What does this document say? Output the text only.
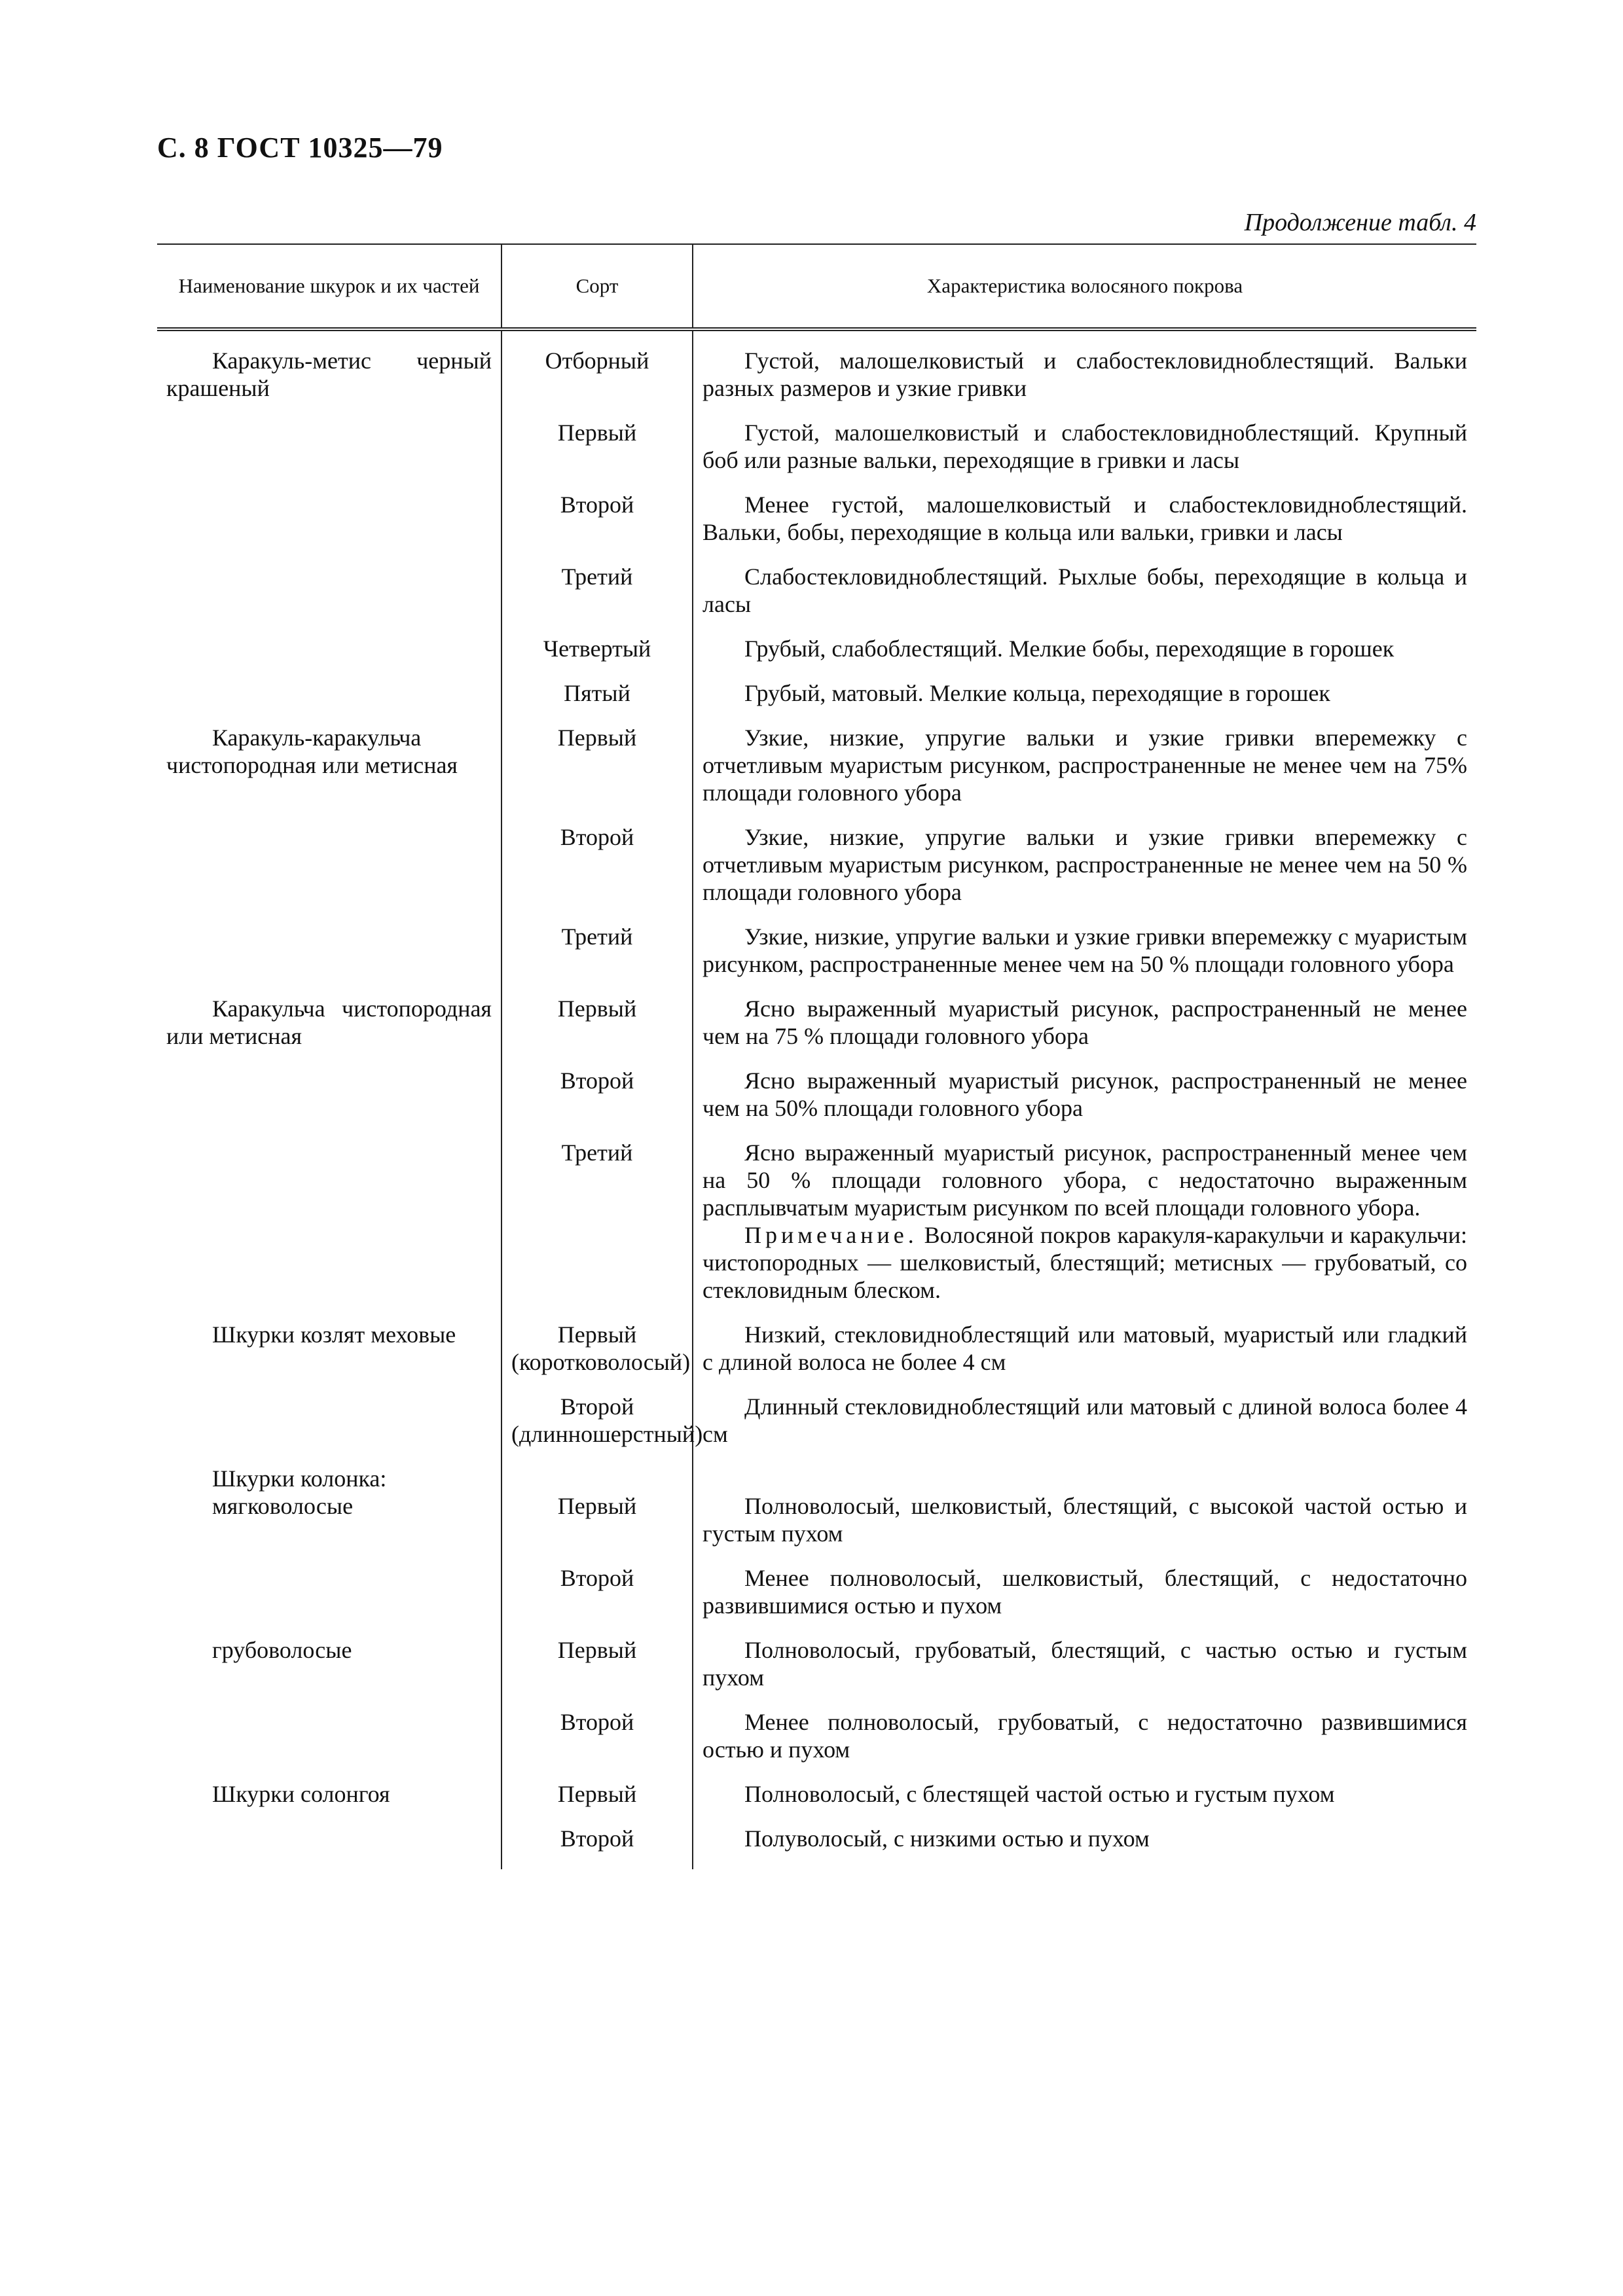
С. 8 ГОСТ 10325—79
Продолжение табл. 4
Наименование шкурок и их частей	Сорт	Характеристика волосяного покрова
Каракуль-метис черный крашеный	Отборный	Густой, малошелковистый и слабостекловиднoблестящий. Вальки разных размеров и узкие гривки
	Первый	Густой, малошелковистый и слабостекловидноблестящий. Крупный боб или разные вальки, переходящие в гривки и ласы
	Второй	Менее густой, малошелковистый и слабостекловидноблестящий. Вальки, бобы, переходящие в кольца или вальки, гривки и ласы
	Третий	Слабостекловидноблестящий. Рыхлые бобы, переходящие в кольца и ласы
	Четвертый	Грубый, слабоблестящий. Мелкие бобы, переходящие в горошек
	Пятый	Грубый, матовый. Мелкие кольца, переходящие в горошек
Каракуль-каракульча чистопородная или метисная	Первый	Узкие, низкие, упругие вальки и узкие гривки вперемежку с отчетливым муаристым рисунком, распространенные не менее чем на 75% площади головного убора
	Второй	Узкие, низкие, упругие вальки и узкие гривки вперемежку с отчетливым муаристым рисунком, распространенные не менее чем на 50 % площади головного убора
	Третий	Узкие, низкие, упругие вальки и узкие гривки вперемежку с муаристым рисунком, распространенные менее чем на 50 % площади головного убора
Каракульча чистопородная или метисная	Первый	Ясно выраженный муаристый рисунок, распространенный не менее чем на 75 % площади головного убора
	Второй	Ясно выраженный муаристый рисунок, распространенный не менее чем на 50% площади головного убора
	Третий	Ясно выраженный муаристый рисунок, распространенный менее чем на 50 % площади головного убора, с недостаточно выраженным расплывчатым муаристым рисунком по всей площади головного убора.
Примечание. Волосяной покров каракуля-каракульчи и каракульчи: чистопородных — шелковистый, блестящий; метисных — грубоватый, со стекловидным блеском.

Шкурки козлят меховые	Первый (коротковолосый)	Низкий, стекловидноблестящий или матовый, муаристый или гладкий с длиной волоса не более 4 см
	Второй (длинношерстный)	Длинный стекловидноблестящий или матовый с длиной волоса более 4 см
Шкурки колонка:		
мягковолосые	Первый	Полноволосый, шелковистый, блестящий, с высокой частой остью и густым пухом
	Второй	Менее полноволосый, шелковистый, блестящий, с недостаточно развившимися остью и пухом
грубоволосые	Первый	Полноволосый, грубоватый, блестящий, с частью остью и густым пухом
	Второй	Менее полноволосый, грубоватый, с недостаточно развившимися остью и пухом
Шкурки солонгоя	Первый	Полноволосый, с блестящей частой остью и густым пухом
	Второй	Полуволосый, с низкими остью и пухом
